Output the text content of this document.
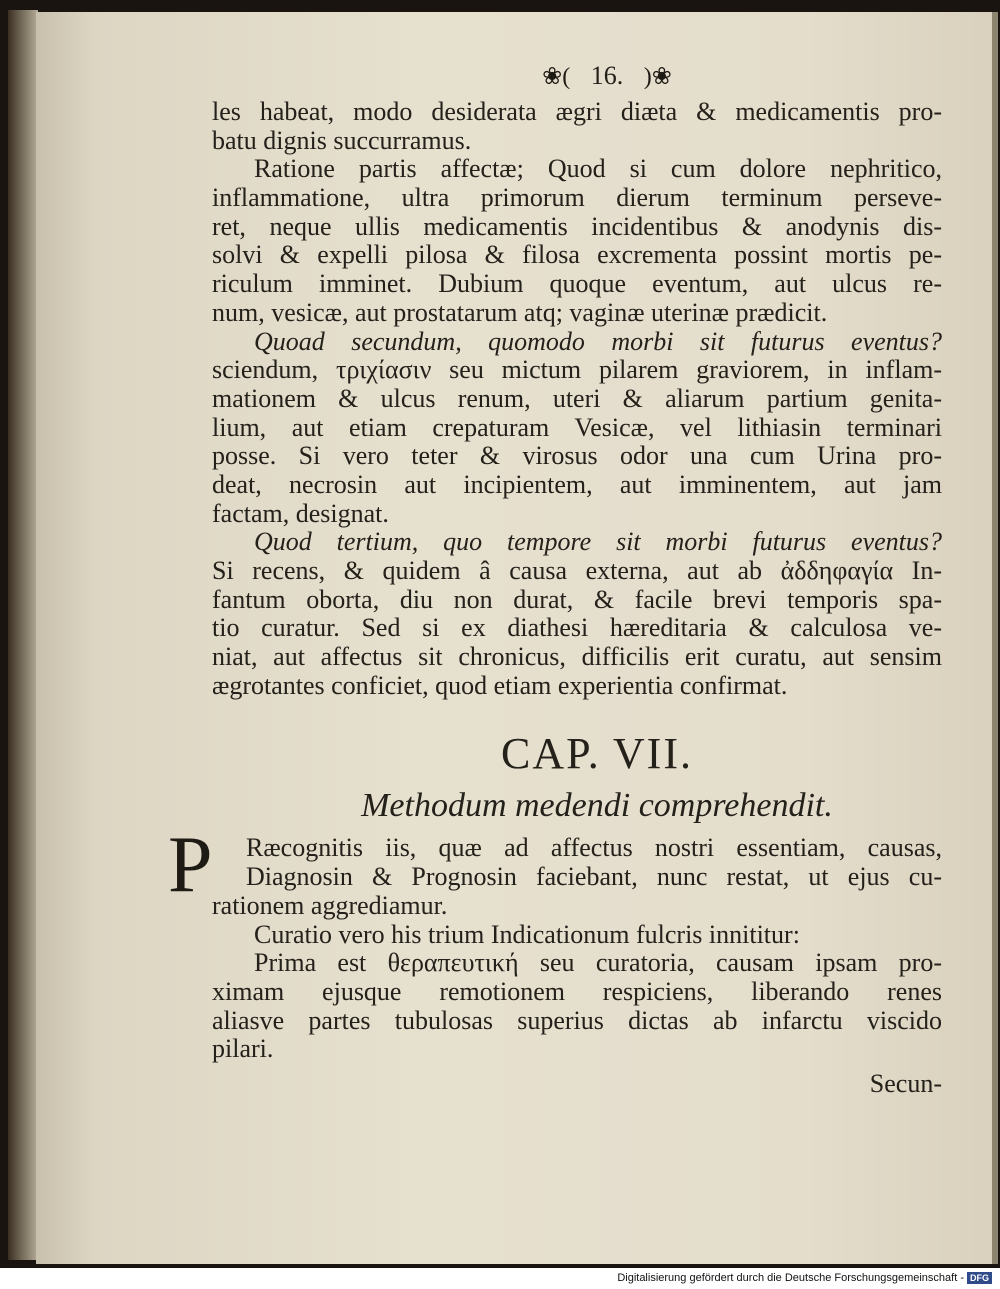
❀( 16. )❀
les habeat, modo desiderata ægri diæta & medicamentis pro-
batu dignis succurramus.
Ratione partis affectæ; Quod si cum dolore nephritico,
inflammatione, ultra primorum dierum terminum perseve-
ret, neque ullis medicamentis incidentibus & anodynis dis-
solvi & expelli pilosa & filosa excrementa possint mortis pe-
riculum imminet. Dubium quoque eventum, aut ulcus re-
num, vesicæ, aut prostatarum atq; vaginæ uterinæ prædicit.
Quoad secundum, quomodo morbi sit futurus eventus?
sciendum, τριχίασιν seu mictum pilarem graviorem, in inflam-
mationem & ulcus renum, uteri & aliarum partium genita-
lium, aut etiam crepaturam Vesicæ, vel lithiasin terminari
posse. Si vero teter & virosus odor una cum Urina pro-
deat, necrosin aut incipientem, aut imminentem, aut jam
factam, designat.
Quod tertium, quo tempore sit morbi futurus eventus?
Si recens, & quidem â causa externa, aut ab ἀδδηφαγία In-
fantum oborta, diu non durat, & facile brevi temporis spa-
tio curatur. Sed si ex diathesi hæreditaria & calculosa ve-
niat, aut affectus sit chronicus, difficilis erit curatu, aut sensim
ægrotantes conficiet, quod etiam experientia confirmat.
CAP. VII.
Methodum medendi comprehendit.
P	Ræcognitis iis, quæ ad affectus nostri essentiam, causas,
Diagnosin & Prognosin faciebant, nunc restat, ut ejus cu-
rationem aggrediamur.
Curatio vero his trium Indicationum fulcris innititur:
Prima est θεραπευτική seu curatoria, causam ipsam pro-
ximam ejusque remotionem respiciens, liberando renes
aliasve partes tubulosas superius dictas ab infarctu viscido
pilari.
Secun-
Digitalisierung gefördert durch die Deutsche Forschungsgemeinschaft - DFG
